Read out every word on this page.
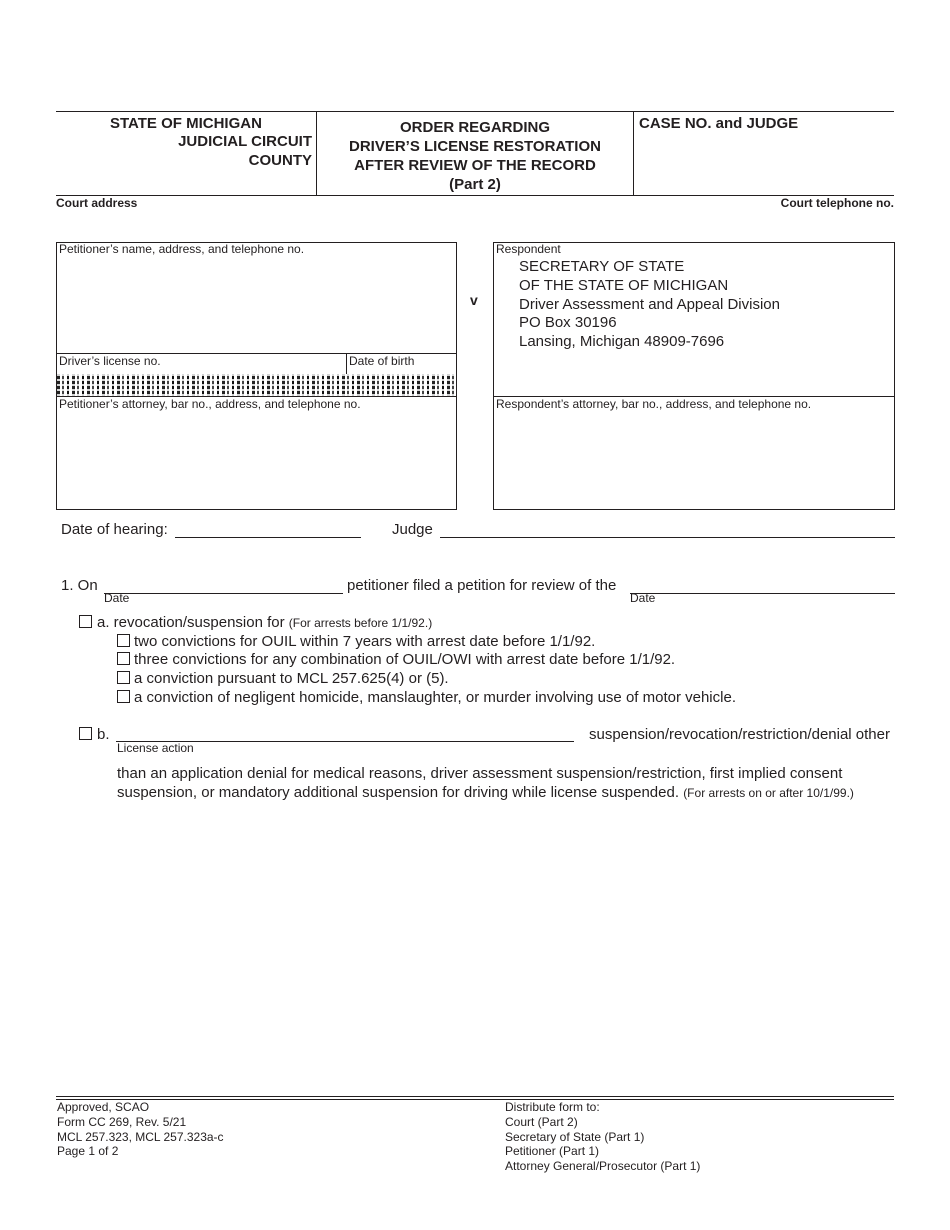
STATE OF MICHIGAN
JUDICIAL CIRCUIT
COUNTY
ORDER REGARDING
DRIVER’S LICENSE RESTORATION
AFTER REVIEW OF THE RECORD
(Part 2)
CASE NO. and JUDGE
Court address	Court telephone no.
Petitioner’s name, address, and telephone no.
Driver’s license no.	Date of birth
Petitioner’s attorney, bar no., address, and telephone no.
v
Respondent
SECRETARY OF STATE
OF THE STATE OF MICHIGAN
Driver Assessment and Appeal Division
PO Box 30196
Lansing, Michigan 48909-7696
Respondent’s attorney, bar no., address, and telephone no.
Date of hearing:	Judge
1. On
Date
petitioner filed a petition for review of the
Date
a. revocation/suspension for (For arrests before 1/1/92.)
two convictions for OUIL within 7 years with arrest date before 1/1/92.
three convictions for any combination of OUIL/OWI with arrest date before 1/1/92.
a conviction pursuant to MCL 257.625(4) or (5).
a conviction of negligent homicide, manslaughter, or murder involving use of motor vehicle.
b.
License action
suspension/revocation/restriction/denial other
than an application denial for medical reasons, driver assessment suspension/restriction, first implied consent
suspension, or mandatory additional suspension for driving while license suspended. (For arrests on or after 10/1/99.)
Approved, SCAO
Form CC 269, Rev. 5/21
MCL 257.323, MCL 257.323a-c
Page 1 of 2
Distribute form to:
Court (Part 2)
Secretary of State (Part 1)
Petitioner (Part 1)
Attorney General/Prosecutor (Part 1)
